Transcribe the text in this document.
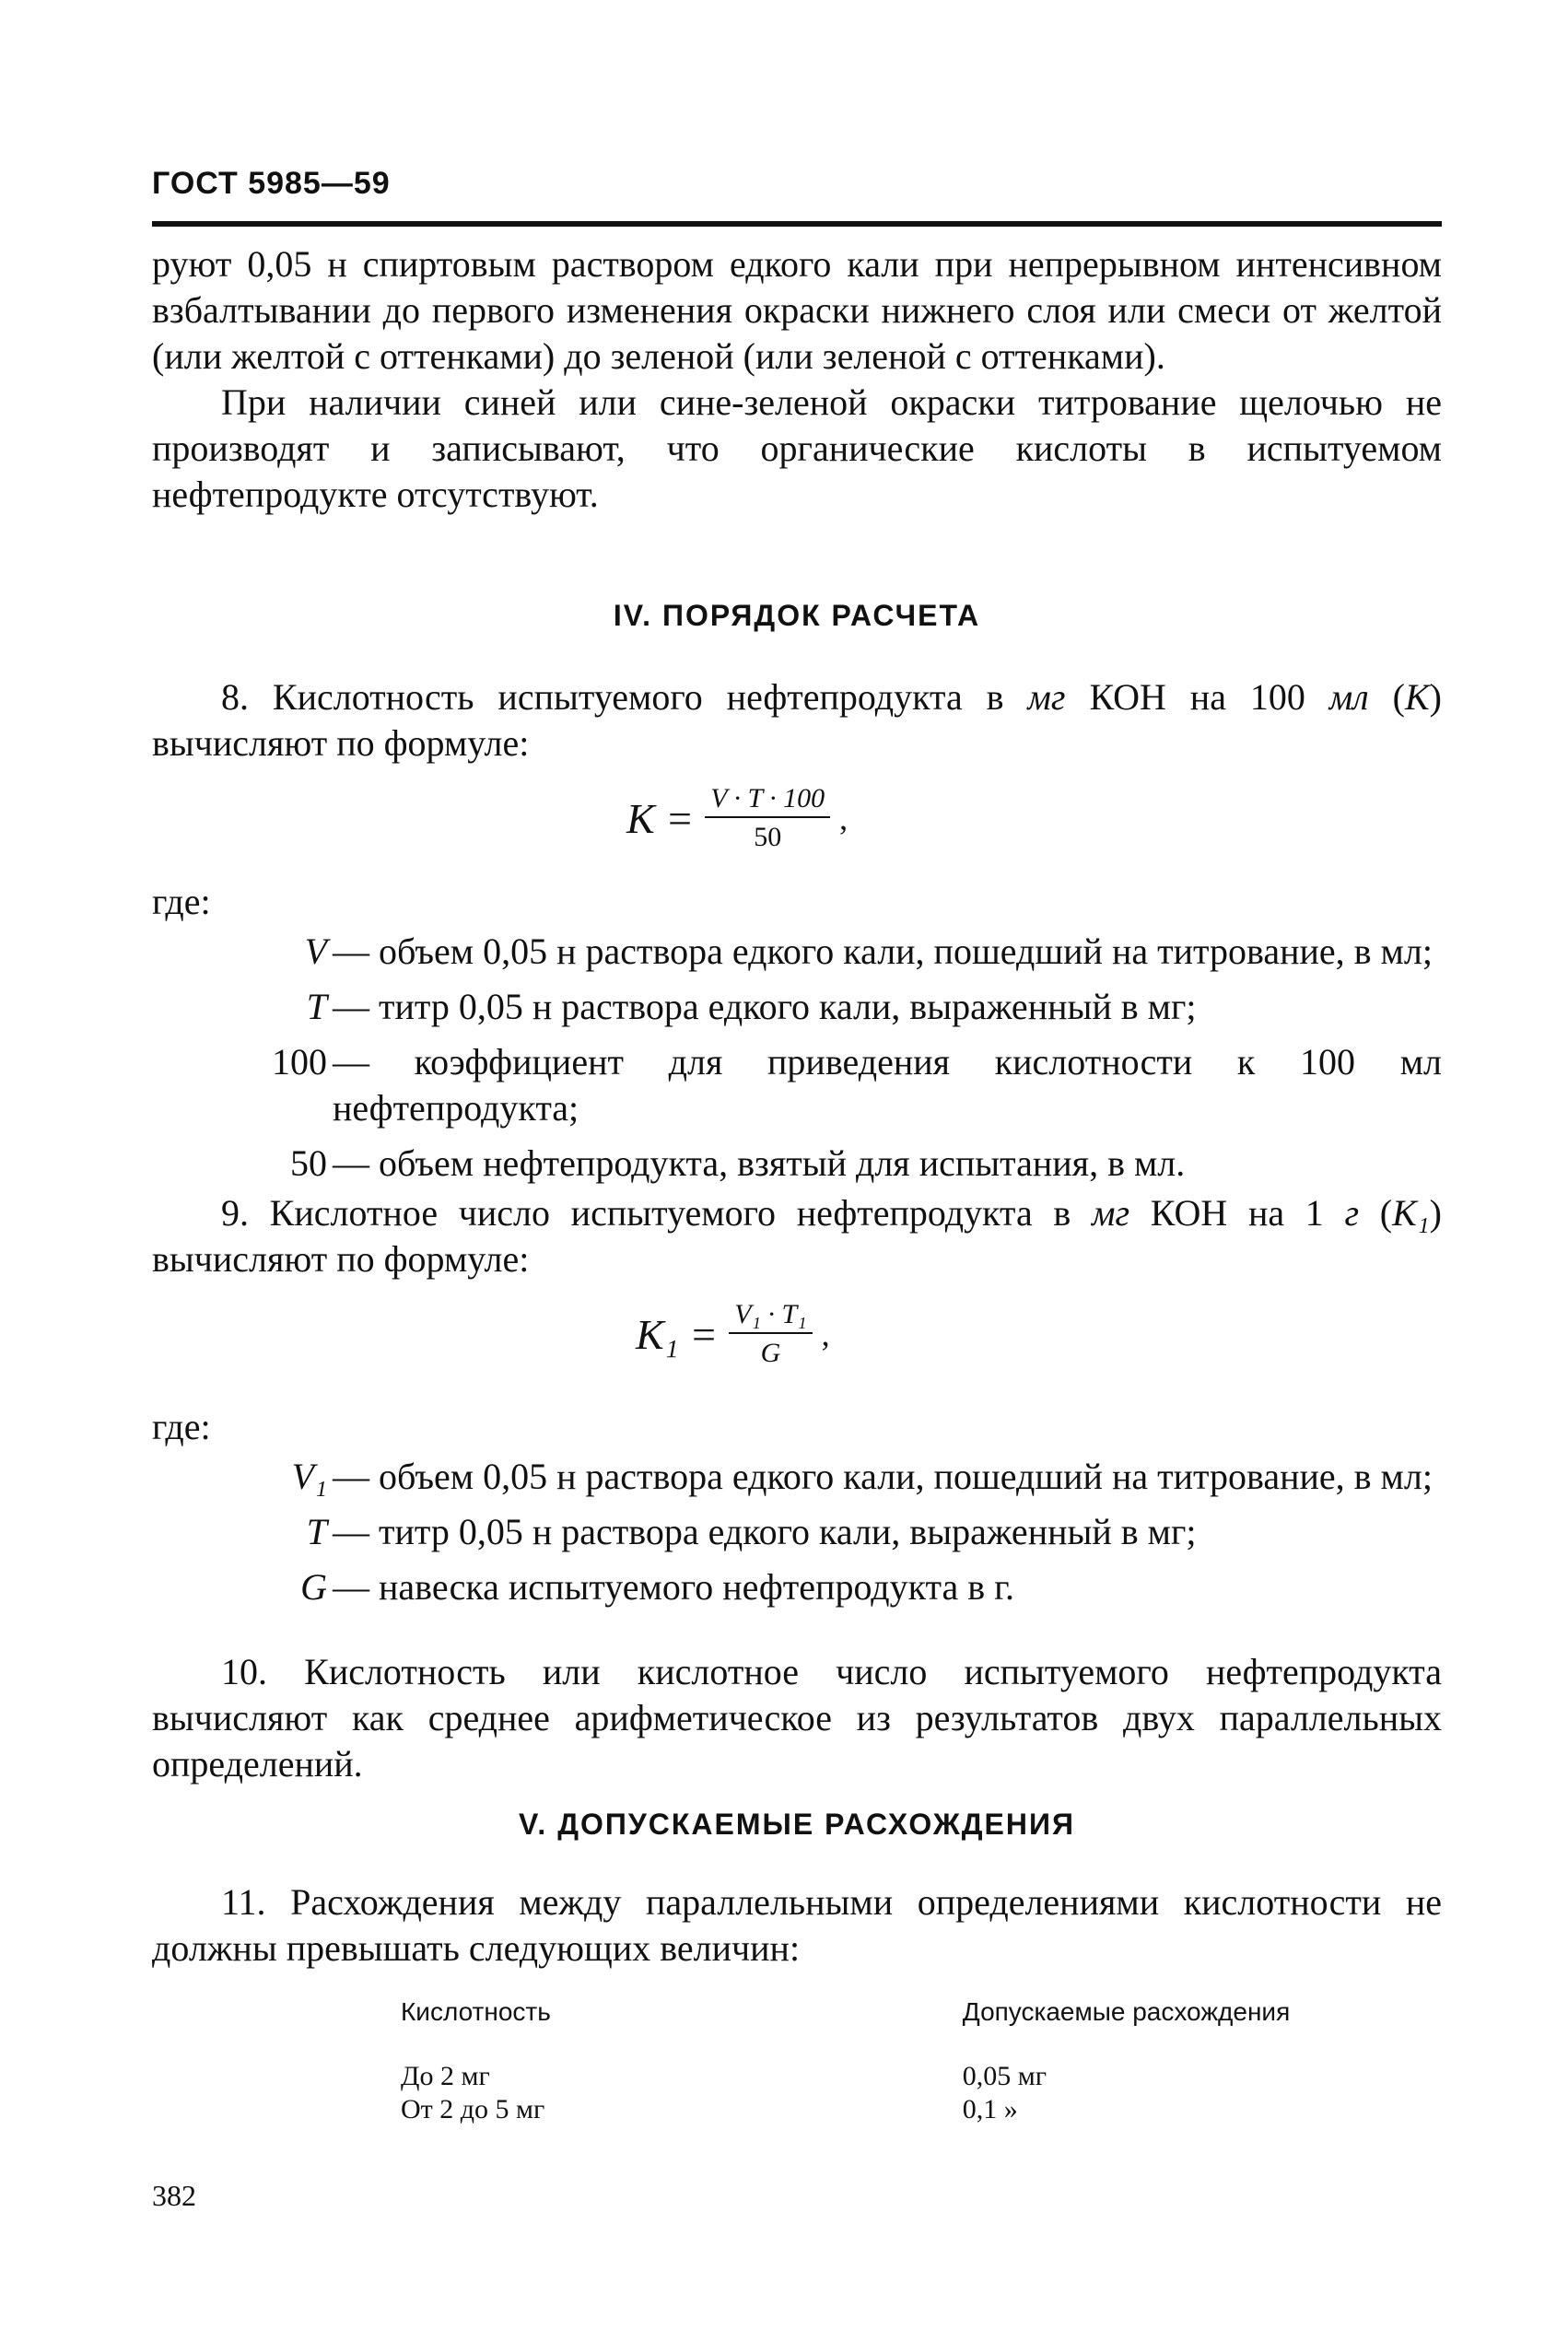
ГОСТ 5985—59

руют 0,05 н спиртовым раствором едкого кали при непрерывном интенсивном взбалтывании до первого изменения окраски нижнего слоя или смеси от желтой (или желтой с оттенками) до зеленой (или зеленой с оттенками).

При наличии синей или сине-зеленой окраски титрование щелочью не производят и записывают, что органические кислоты в испытуемом нефтепродукте отсутствуют.

IV. ПОРЯДОК РАСЧЕТА

8. Кислотность испытуемого нефтепродукта в мг КОН на 100 мл (K) вычисляют по формуле:

$K = \frac{V \cdot T \cdot 100}{50}$ ,
где:
V — объем 0,05 н раствора едкого кали, пошедший на титрование, в мл;
T — титр 0,05 н раствора едкого кали, выраженный в мг;
100 — коэффициент для приведения кислотности к 100 мл нефтепродукта;
50 — объем нефтепродукта, взятый для испытания, в мл.

9. Кислотное число испытуемого нефтепродукта в мг КОН на 1 г (K₁) вычисляют по формуле:

$K_1 = \frac{\text{V₁ · T₁}}{G}$ ,
где:
V₁ — объем 0,05 н раствора едкого кали, пошедший на титрование, в мл;
T — титр 0,05 н раствора едкого кали, выраженный в мг;
G — навеска испытуемого нефтепродукта в г.

10. Кислотность или кислотное число испытуемого нефтепродукта вычисляют как среднее арифметическое из результатов двух параллельных определений.

V. ДОПУСКАЕМЫЕ РАСХОЖДЕНИЯ

11. Расхождения между параллельными определениями кислотности не должны превышать следующих величин:

Кислотность	Допускаемые расхождения
До 2 мг	0,05 мг
От 2 до 5 мг	0,1 »
382
